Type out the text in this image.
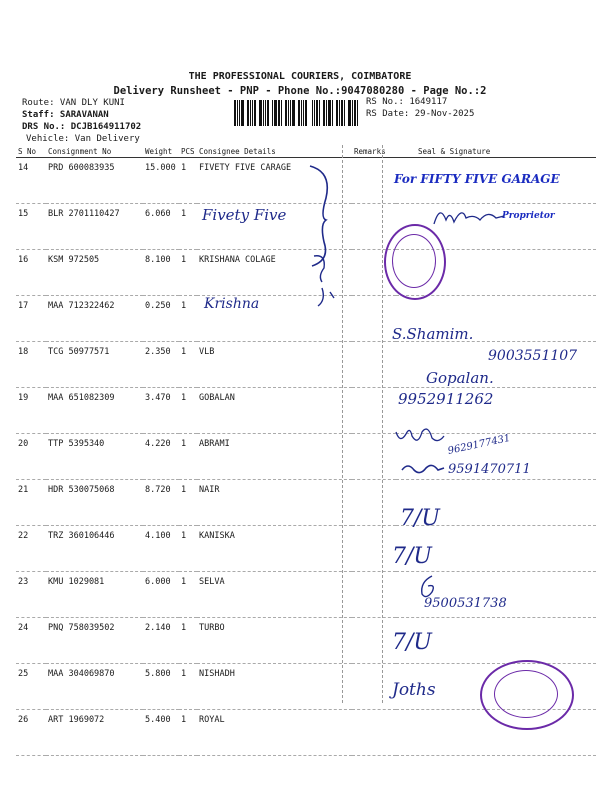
THE PROFESSIONAL COURIERS, COIMBATORE
Delivery Runsheet - PNP - Phone No.:9047080280 - Page No.:2
Route: VAN DLY KUNI
Staff: SARAVANAN
DRS No.: DCJB164911702
Vehicle: Van Delivery
RS No.: 1649117
RS Date: 29-Nov-2025
S No	Consignment No	Weight	PCS	Consignee Details	Remarks	Seal & Signature
14	PRD 600083935	15.000	1	FIVETY FIVE CARAGE		
15	BLR 2701110427	6.060	1			
16	KSM 972505	8.100	1	KRISHANA COLAGE		
17	MAA 712322462	0.250	1			
18	TCG 50977571	2.350	1	VLB		
19	MAA 651082309	3.470	1	GOBALAN		
20	TTP 5395340	4.220	1	ABRAMI		
21	HDR 530075068	8.720	1	NAIR		
22	TRZ 360106446	4.100	1	KANISKA		
23	KMU 1029081	6.000	1	SELVA		
24	PNQ 758039502	2.140	1	TURBO		
25	MAA 304069870	5.800	1	NISHADH		
26	ART 1969072	5.400	1	ROYAL		
Fivety Five
Krishna
For FIFTY FIVE GARAGE
Proprietor
S.Shamim.
9003551107
Gopalan.
9952911262
9629177431
9591470711
7/U
7/U
9500531738
7/U
Joths
